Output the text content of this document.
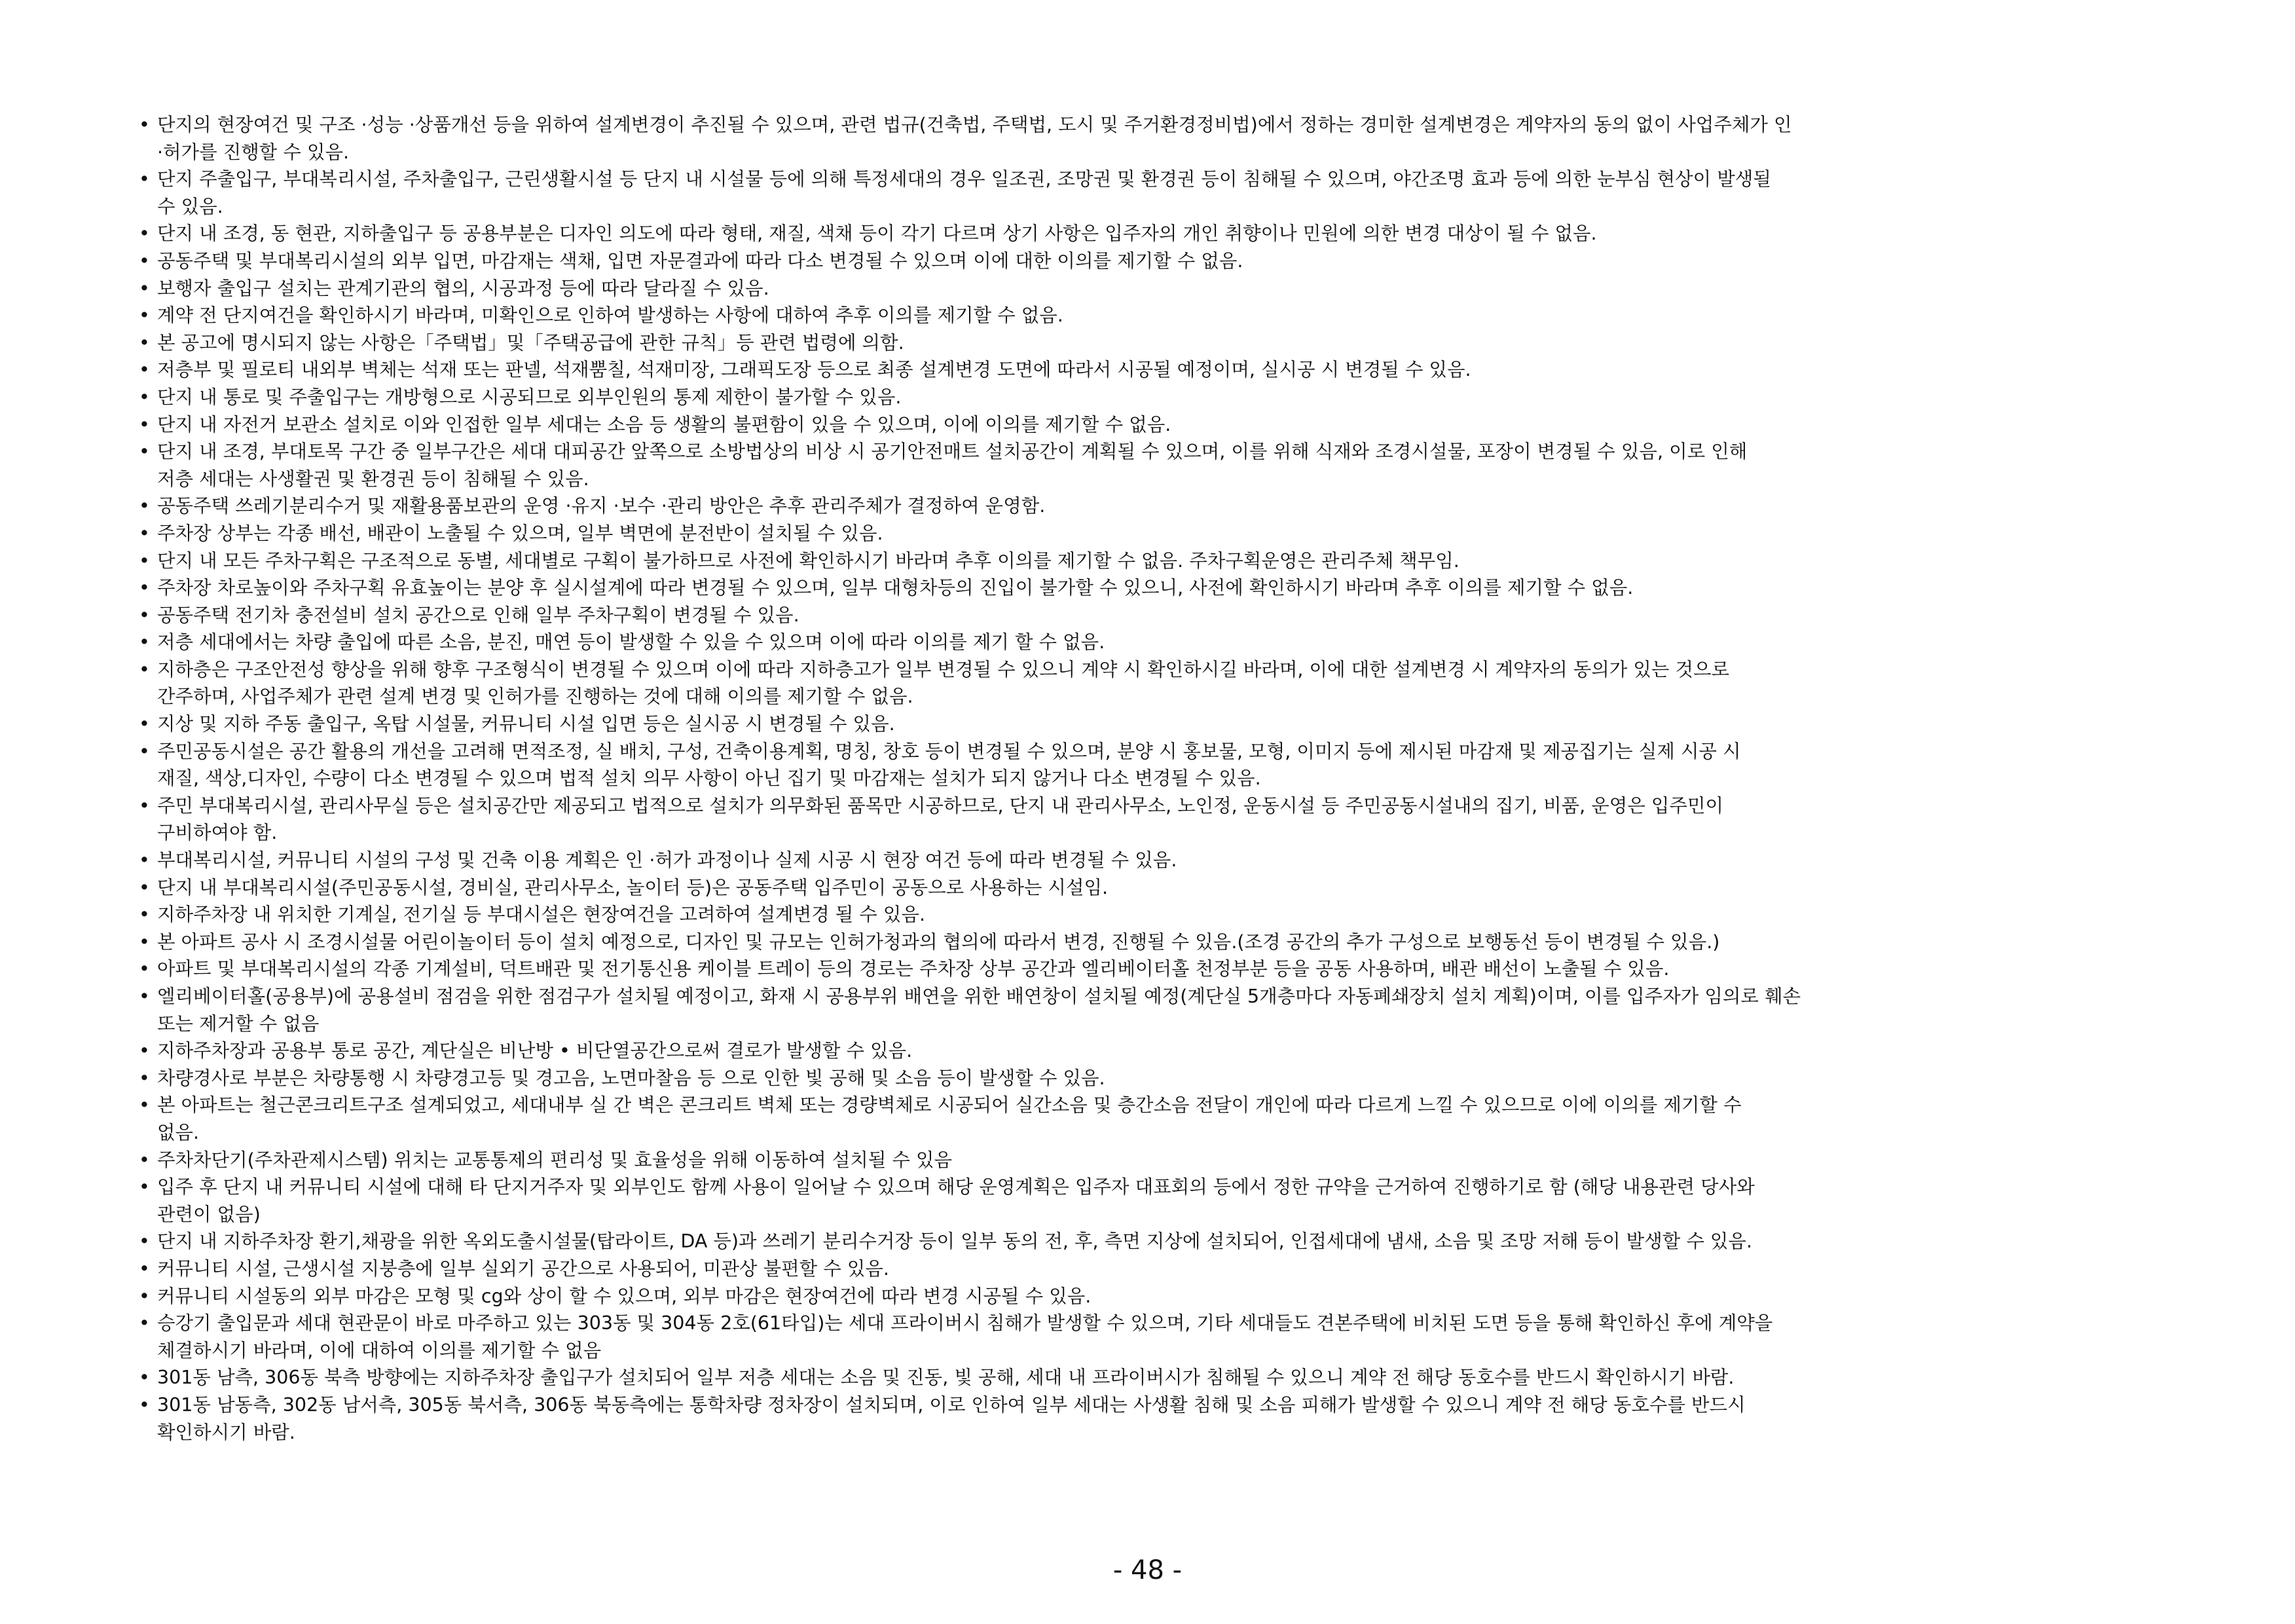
• 단지의 현장여건 및 구조 ·성능 ·상품개선 등을 위하여 설계변경이 추진될 수 있으며, 관련 법규(건축법, 주택법, 도시 및 주거환경정비법)에서 정하는 경미한 설계변경은 계약자의 동의 없이 사업주체가 인
·허가를 진행할 수 있음.
• 단지 주출입구, 부대복리시설, 주차출입구, 근린생활시설 등 단지 내 시설물 등에 의해 특정세대의 경우 일조권, 조망권 및 환경권 등이 침해될 수 있으며, 야간조명 효과 등에 의한 눈부심 현상이 발생될
수 있음.
• 단지 내 조경, 동 현관, 지하출입구 등 공용부분은 디자인 의도에 따라 형태, 재질, 색채 등이 각기 다르며 상기 사항은 입주자의 개인 취향이나 민원에 의한 변경 대상이 될 수 없음.
• 공동주택 및 부대복리시설의 외부 입면, 마감재는 색채, 입면 자문결과에 따라 다소 변경될 수 있으며 이에 대한 이의를 제기할 수 없음.
• 보행자 출입구 설치는 관계기관의 협의, 시공과정 등에 따라 달라질 수 있음.
• 계약 전 단지여건을 확인하시기 바라며, 미확인으로 인하여 발생하는 사항에 대하여 추후 이의를 제기할 수 없음.
• 본 공고에 명시되지 않는 사항은「주택법」및「주택공급에 관한 규칙」등 관련 법령에 의함.
• 저층부 및 필로티 내외부 벽체는 석재 또는 판넬, 석재뿜칠, 석재미장, 그래픽도장 등으로 최종 설계변경 도면에 따라서 시공될 예정이며, 실시공 시 변경될 수 있음.
• 단지 내 통로 및 주출입구는 개방형으로 시공되므로 외부인원의 통제 제한이 불가할 수 있음.
• 단지 내 자전거 보관소 설치로 이와 인접한 일부 세대는 소음 등 생활의 불편함이 있을 수 있으며, 이에 이의를 제기할 수 없음.
• 단지 내 조경, 부대토목 구간 중 일부구간은 세대 대피공간 앞쪽으로 소방법상의 비상 시 공기안전매트 설치공간이 계획될 수 있으며, 이를 위해 식재와 조경시설물, 포장이 변경될 수 있음, 이로 인해
저층 세대는 사생활권 및 환경권 등이 침해될 수 있음.
• 공동주택 쓰레기분리수거 및 재활용품보관의 운영 ·유지 ·보수 ·관리 방안은 추후 관리주체가 결정하여 운영함.
• 주차장 상부는 각종 배선, 배관이 노출될 수 있으며, 일부 벽면에 분전반이 설치될 수 있음.
• 단지 내 모든 주차구획은 구조적으로 동별, 세대별로 구획이 불가하므로 사전에 확인하시기 바라며 추후 이의를 제기할 수 없음. 주차구획운영은 관리주체 책무임.
• 주차장 차로높이와 주차구획 유효높이는 분양 후 실시설계에 따라 변경될 수 있으며, 일부 대형차등의 진입이 불가할 수 있으니, 사전에 확인하시기 바라며 추후 이의를 제기할 수 없음.
• 공동주택 전기차 충전설비 설치 공간으로 인해 일부 주차구획이 변경될 수 있음.
• 저층 세대에서는 차량 출입에 따른 소음, 분진, 매연 등이 발생할 수 있을 수 있으며 이에 따라 이의를 제기 할 수 없음.
• 지하층은 구조안전성 향상을 위해 향후 구조형식이 변경될 수 있으며 이에 따라 지하층고가 일부 변경될 수 있으니 계약 시 확인하시길 바라며, 이에 대한 설계변경 시 계약자의 동의가 있는 것으로
간주하며, 사업주체가 관련 설계 변경 및 인허가를 진행하는 것에 대해 이의를 제기할 수 없음.
• 지상 및 지하 주동 출입구, 옥탑 시설물, 커뮤니티 시설 입면 등은 실시공 시 변경될 수 있음.
• 주민공동시설은 공간 활용의 개선을 고려해 면적조정, 실 배치, 구성, 건축이용계획, 명칭, 창호 등이 변경될 수 있으며, 분양 시 홍보물, 모형, 이미지 등에 제시된 마감재 및 제공집기는 실제 시공 시
재질, 색상,디자인, 수량이 다소 변경될 수 있으며 법적 설치 의무 사항이 아닌 집기 및 마감재는 설치가 되지 않거나 다소 변경될 수 있음.
• 주민 부대복리시설, 관리사무실 등은 설치공간만 제공되고 법적으로 설치가 의무화된 품목만 시공하므로, 단지 내 관리사무소, 노인정, 운동시설 등 주민공동시설내의 집기, 비품, 운영은 입주민이
구비하여야 함.
• 부대복리시설, 커뮤니티 시설의 구성 및 건축 이용 계획은 인 ·허가 과정이나 실제 시공 시 현장 여건 등에 따라 변경될 수 있음.
• 단지 내 부대복리시설(주민공동시설, 경비실, 관리사무소, 놀이터 등)은 공동주택 입주민이 공동으로 사용하는 시설임.
• 지하주차장 내 위치한 기계실, 전기실 등 부대시설은 현장여건을 고려하여 설계변경 될 수 있음.
• 본 아파트 공사 시 조경시설물 어린이놀이터 등이 설치 예정으로, 디자인 및 규모는 인허가청과의 협의에 따라서 변경, 진행될 수 있음.(조경 공간의 추가 구성으로 보행동선 등이 변경될 수 있음.)
• 아파트 및 부대복리시설의 각종 기계설비, 덕트배관 및 전기통신용 케이블 트레이 등의 경로는 주차장 상부 공간과 엘리베이터홀 천정부분 등을 공동 사용하며, 배관 배선이 노출될 수 있음.
• 엘리베이터홀(공용부)에 공용설비 점검을 위한 점검구가 설치될 예정이고, 화재 시 공용부위 배연을 위한 배연창이 설치될 예정(계단실 5개층마다 자동폐쇄장치 설치 계획)이며, 이를 입주자가 임의로 훼손
또는 제거할 수 없음
• 지하주차장과 공용부 통로 공간, 계단실은 비난방 • 비단열공간으로써 결로가 발생할 수 있음.
• 차량경사로 부분은 차량통행 시 차량경고등 및 경고음, 노면마찰음 등 으로 인한 빛 공해 및 소음 등이 발생할 수 있음.
• 본 아파트는 철근콘크리트구조 설계되었고, 세대내부 실 간 벽은 콘크리트 벽체 또는 경량벽체로 시공되어 실간소음 및 층간소음 전달이 개인에 따라 다르게 느낄 수 있으므로 이에 이의를 제기할 수
없음.
• 주차차단기(주차관제시스템) 위치는 교통통제의 편리성 및 효율성을 위해 이동하여 설치될 수 있음
• 입주 후 단지 내 커뮤니티 시설에 대해 타 단지거주자 및 외부인도 함께 사용이 일어날 수 있으며 해당 운영계획은 입주자 대표회의 등에서 정한 규약을 근거하여 진행하기로 함 (해당 내용관련 당사와
관련이 없음)
• 단지 내 지하주차장 환기,채광을 위한 옥외도출시설물(탑라이트, DA 등)과 쓰레기 분리수거장 등이 일부 동의 전, 후, 측면 지상에 설치되어, 인접세대에 냄새, 소음 및 조망 저해 등이 발생할 수 있음.
• 커뮤니티 시설, 근생시설 지붕층에 일부 실외기 공간으로 사용되어, 미관상 불편할 수 있음.
• 커뮤니티 시설동의 외부 마감은 모형 및 cg와 상이 할 수 있으며, 외부 마감은 현장여건에 따라 변경 시공될 수 있음.
• 승강기 출입문과 세대 현관문이 바로 마주하고 있는 303동 및 304동 2호(61타입)는 세대 프라이버시 침해가 발생할 수 있으며, 기타 세대들도 견본주택에 비치된 도면 등을 통해 확인하신 후에 계약을
체결하시기 바라며, 이에 대하여 이의를 제기할 수 없음
• 301동 남측, 306동 북측 방향에는 지하주차장 출입구가 설치되어 일부 저층 세대는 소음 및 진동, 빛 공해, 세대 내 프라이버시가 침해될 수 있으니 계약 전 해당 동호수를 반드시 확인하시기 바람.
• 301동 남동측, 302동 남서측, 305동 북서측, 306동 북동측에는 통학차량 정차장이 설치되며, 이로 인하여 일부 세대는 사생활 침해 및 소음 피해가 발생할 수 있으니 계약 전 해당 동호수를 반드시
확인하시기 바람.
- 48 -
